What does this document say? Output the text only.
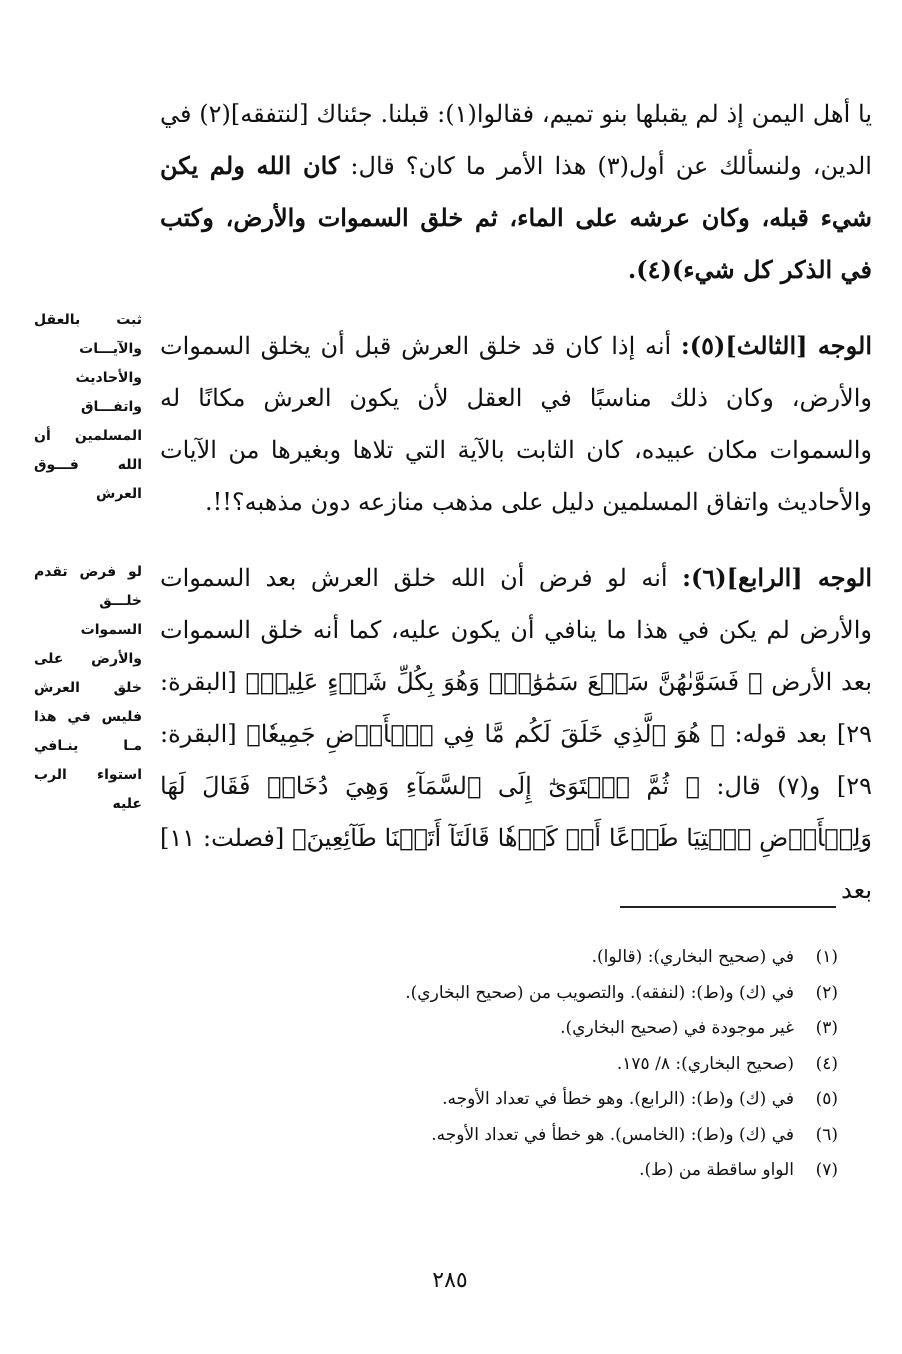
يا أهل اليمن إذ لم يقبلها بنو تميم، فقالوا(١): قبلنا. جئناك [لنتفقه](٢) في الدين، ولنسألك عن أول(٣) هذا الأمر ما كان؟ قال: كان الله ولم يكن شيء قبله، وكان عرشه على الماء، ثم خلق السموات والأرض، وكتب في الذكر كل شيء)(٤).

الوجه [الثالث](٥): أنه إذا كان قد خلق العرش قبل أن يخلق السموات والأرض، وكان ذلك مناسبًا في العقل لأن يكون العرش مكانًا له والسموات مكان عبيده، كان الثابت بالآية التي تلاها وبغيرها من الآيات والأحاديث واتفاق المسلمين دليل على مذهب منازعه دون مذهبه؟!!.

الوجه [الرابع](٦): أنه لو فرض أن الله خلق العرش بعد السموات والأرض لم يكن في هذا ما ينافي أن يكون عليه، كما أنه خلق السموات بعد الأرض ﴿ فَسَوَّىٰهُنَّ سَبۡعَ سَمَٰوَٰتٖۚ وَهُوَ بِكُلِّ شَيۡءٍ عَلِيمٞ﴾ [البقرة: ٢٩] بعد قوله: ﴿ هُوَ ٱلَّذِي خَلَقَ لَكُم مَّا فِي ٱلۡأَرۡضِ جَمِيعٗا﴾ [البقرة: ٢٩] و(٧) قال: ﴿ ثُمَّ ٱسۡتَوَىٰٓ إِلَى ٱلسَّمَآءِ وَهِيَ دُخَانٞ فَقَالَ لَهَا وَلِلۡأَرۡضِ ٱئۡتِيَا طَوۡعًا أَوۡ كَرۡهٗا قَالَتَآ أَتَيۡنَا طَآئِعِينَ﴾ [فصلت: ١١] بعد

ثبت بالعقل والآيـــات والأحاديث واتفـــاق المسلمين أن الله فـــوق العرش
لو فرض تقدم خلـــق السموات والأرض على خلق العرش فليس في هذا مـا ينـافي استواء الرب عليه
(١)في (صحيح البخاري): (قالوا).
(٢)في (ك) و(ط): (لنفقه). والتصويب من (صحيح البخاري).
(٣)غير موجودة في (صحيح البخاري).
(٤)(صحيح البخاري): ٨/ ١٧٥.
(٥)في (ك) و(ط): (الرابع). وهو خطأ في تعداد الأوجه.
(٦)في (ك) و(ط): (الخامس). هو خطأ في تعداد الأوجه.
(٧)الواو ساقطة من (ط).
٢٨٥
